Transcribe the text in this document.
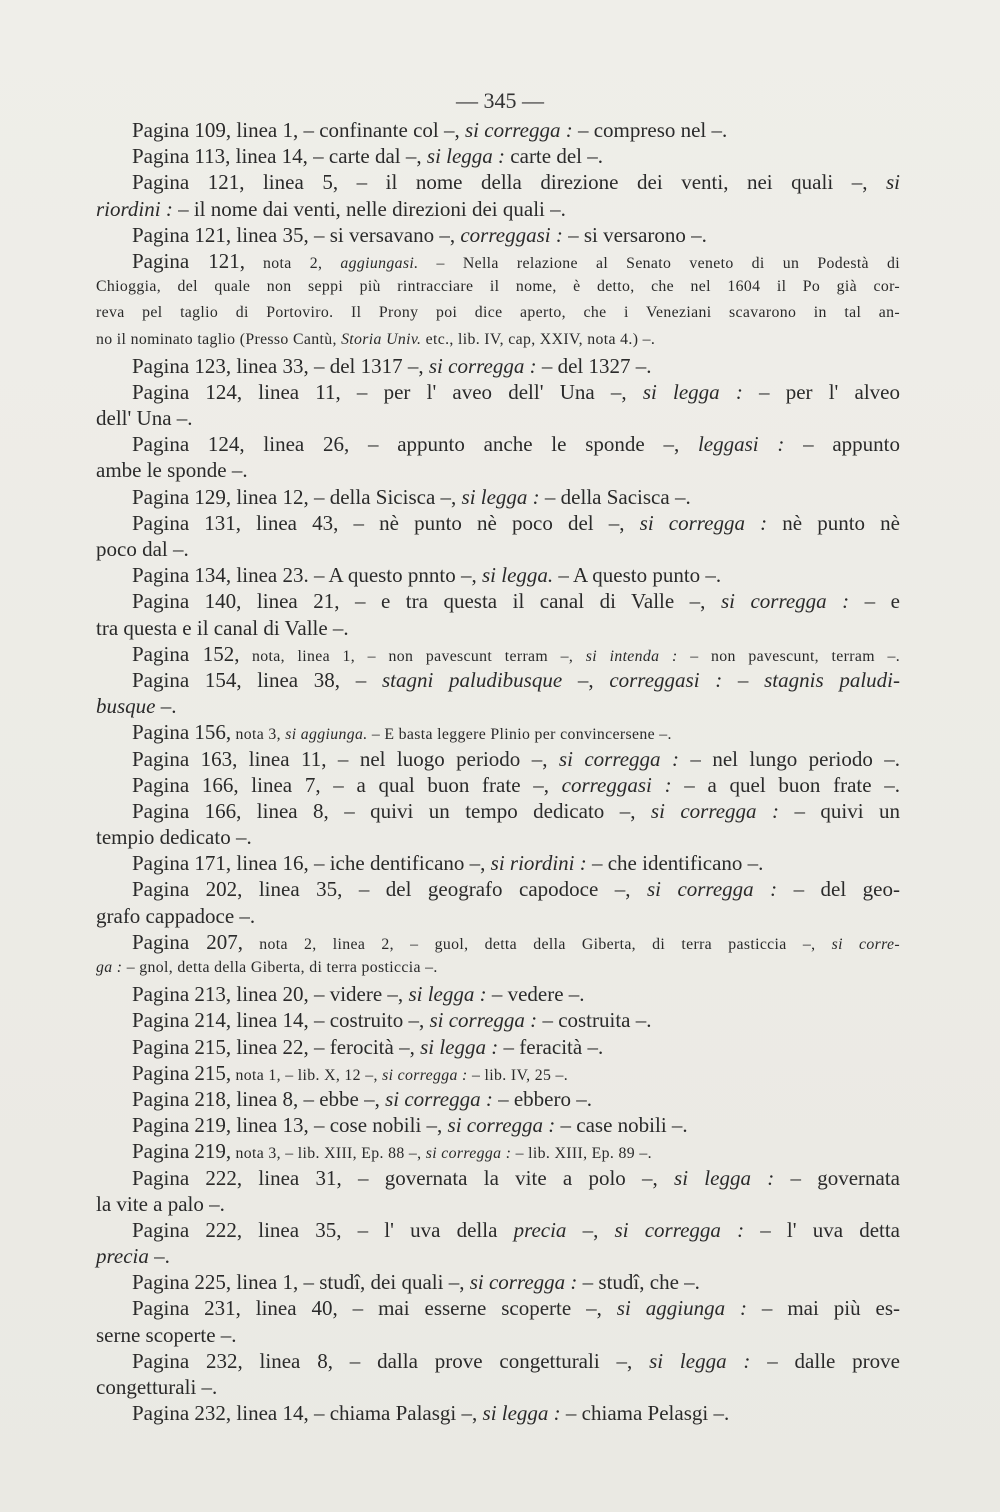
— 345 —
Pagina 109, linea 1, – confinante col –, si corregga : – compreso nel –.
Pagina 113, linea 14, – carte dal –, si legga : carte del –.
Pagina 121, linea 5, – il nome della direzione dei venti, nei quali –, si
riordini : – il nome dai venti, nelle direzioni dei quali –.
Pagina 121, linea 35, – si versavano –, correggasi : – si versarono –.
Pagina 121, nota 2, aggiungasi. – Nella relazione al Senato veneto di un Podestà di
Chioggia, del quale non seppi più rintracciare il nome, è detto, che nel 1604 il Po già cor-
reva pel taglio di Portoviro. Il Prony poi dice aperto, che i Veneziani scavarono in tal an-
no il nominato taglio (Presso Cantù, Storia Univ. etc., lib. IV, cap, XXIV, nota 4.) –.
Pagina 123, linea 33, – del 1317 –, si corregga : – del 1327 –.
Pagina 124, linea 11, – per l' aveo dell' Una –, si legga : – per l' alveo
dell' Una –.
Pagina 124, linea 26, – appunto anche le sponde –, leggasi : – appunto
ambe le sponde –.
Pagina 129, linea 12, – della Sicisca –, si legga : – della Sacisca –.
Pagina 131, linea 43, – nè punto nè poco del –, si corregga : nè punto nè
poco dal –.
Pagina 134, linea 23. – A questo pnnto –, si legga. – A questo punto –.
Pagina 140, linea 21, – e tra questa il canal di Valle –, si corregga : – e
tra questa e il canal di Valle –.
Pagina 152, nota, linea 1, – non pavescunt terram –, si intenda : – non pavescunt, terram –.
Pagina 154, linea 38, – stagni paludibusque –, correggasi : – stagnis paludi-
busque –.
Pagina 156, nota 3, si aggiunga. – E basta leggere Plinio per convincersene –.
Pagina 163, linea 11, – nel luogo periodo –, si corregga : – nel lungo periodo –.
Pagina 166, linea 7, – a qual buon frate –, correggasi : – a quel buon frate –.
Pagina 166, linea 8, – quivi un tempo dedicato –, si corregga : – quivi un
tempio dedicato –.
Pagina 171, linea 16, – iche dentificano –, si riordini : – che identificano –.
Pagina 202, linea 35, – del geografo capodoce –, si corregga : – del geo-
grafo cappadoce –.
Pagina 207, nota 2, linea 2, – guol, detta della Giberta, di terra pasticcia –, si corre-
ga : – gnol, detta della Giberta, di terra posticcia –.
Pagina 213, linea 20, – videre –, si legga : – vedere –.
Pagina 214, linea 14, – costruito –, si corregga : – costruita –.
Pagina 215, linea 22, – ferocità –, si legga : – feracità –.
Pagina 215, nota 1, – lib. X, 12 –, si corregga : – lib. IV, 25 –.
Pagina 218, linea 8, – ebbe –, si corregga : – ebbero –.
Pagina 219, linea 13, – cose nobili –, si corregga : – case nobili –.
Pagina 219, nota 3, – lib. XIII, Ep. 88 –, si corregga : – lib. XIII, Ep. 89 –.
Pagina 222, linea 31, – governata la vite a polo –, si legga : – governata
la vite a palo –.
Pagina 222, linea 35, – l' uva della precia –, si corregga : – l' uva detta
precia –.
Pagina 225, linea 1, – studî, dei quali –, si corregga : – studî, che –.
Pagina 231, linea 40, – mai esserne scoperte –, si aggiunga : – mai più es-
serne scoperte –.
Pagina 232, linea 8, – dalla prove congetturali –, si legga : – dalle prove
congetturali –.
Pagina 232, linea 14, – chiama Palasgi –, si legga : – chiama Pelasgi –.
